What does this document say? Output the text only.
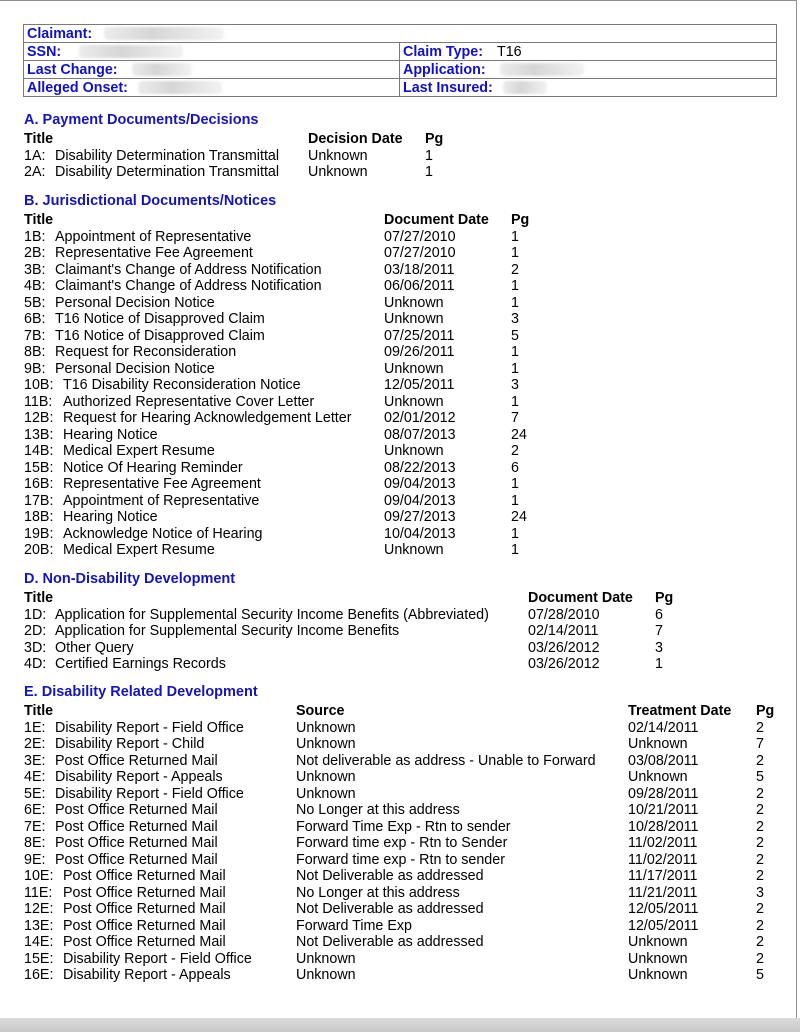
Claimant:	
SSN:	Claim Type: T16
Last Change:	Application:
Alleged Onset:	Last Insured:
A. Payment Documents/Decisions
Title	Decision Date Pg
1A: Disability Determination Transmittal Unknown	1
2A: Disability Determination Transmittal Unknown	1
B. Jurisdictional Documents/Notices
Title	Document Date Pg
1B: Appointment of Representative	07/27/2010	1
2B: Representative Fee Agreement	07/27/2010	1
3B: Claimant's Change of Address Notification	03/18/2011	2
4B: Claimant's Change of Address Notification	06/06/2011	1
5B: Personal Decision Notice	Unknown	1
6B: T16 Notice of Disapproved Claim	Unknown	3
7B: T16 Notice of Disapproved Claim	07/25/2011	5
8B: Request for Reconsideration	09/26/2011	1
9B: Personal Decision Notice	Unknown	1
10B: T16 Disability Reconsideration Notice	12/05/2011	3
11B: Authorized Representative Cover Letter	Unknown	1
12B: Request for Hearing Acknowledgement Letter 02/01/2012	7
13B: Hearing Notice	08/07/2013	24
14B: Medical Expert Resume	Unknown	2
15B: Notice Of Hearing Reminder	08/22/2013	6
16B: Representative Fee Agreement	09/04/2013	1
17B: Appointment of Representative	09/04/2013	1
18B: Hearing Notice	09/27/2013	24
19B: Acknowledge Notice of Hearing	10/04/2013	1
20B: Medical Expert Resume	Unknown	1
D. Non-Disability Development
Title	Document Date Pg
1D: Application for Supplemental Security Income Benefits (Abbreviated)	07/28/2010	6
2D: Application for Supplemental Security Income Benefits	02/14/2011	7
3D: Other Query	03/26/2012	3
4D: Certified Earnings Records	03/26/2012	1
E. Disability Related Development
Title	Source	Treatment Date Pg
1E: Disability Report - Field Office	Unknown	02/14/2011	2
2E: Disability Report - Child	Unknown	Unknown	7
3E: Post Office Returned Mail	Not deliverable as address - Unable to Forward 03/08/2011	2
4E: Disability Report - Appeals	Unknown	Unknown	5
5E: Disability Report - Field Office	Unknown	09/28/2011	2
6E: Post Office Returned Mail	No Longer at this address	10/21/2011	2
7E: Post Office Returned Mail	Forward Time Exp - Rtn to sender	10/28/2011	2
8E: Post Office Returned Mail	Forward time exp - Rtn to Sender	11/02/2011	2
9E: Post Office Returned Mail	Forward time exp - Rtn to sender	11/02/2011	2
10E: Post Office Returned Mail	Not Deliverable as addressed	11/17/2011	2
11E: Post Office Returned Mail	No Longer at this address	11/21/2011	3
12E: Post Office Returned Mail	Not Deliverable as addressed	12/05/2011	2
13E: Post Office Returned Mail	Forward Time Exp	12/05/2011	2
14E: Post Office Returned Mail	Not Deliverable as addressed	Unknown	2
15E: Disability Report - Field Office	Unknown	Unknown	2
16E: Disability Report - Appeals	Unknown	Unknown	5
